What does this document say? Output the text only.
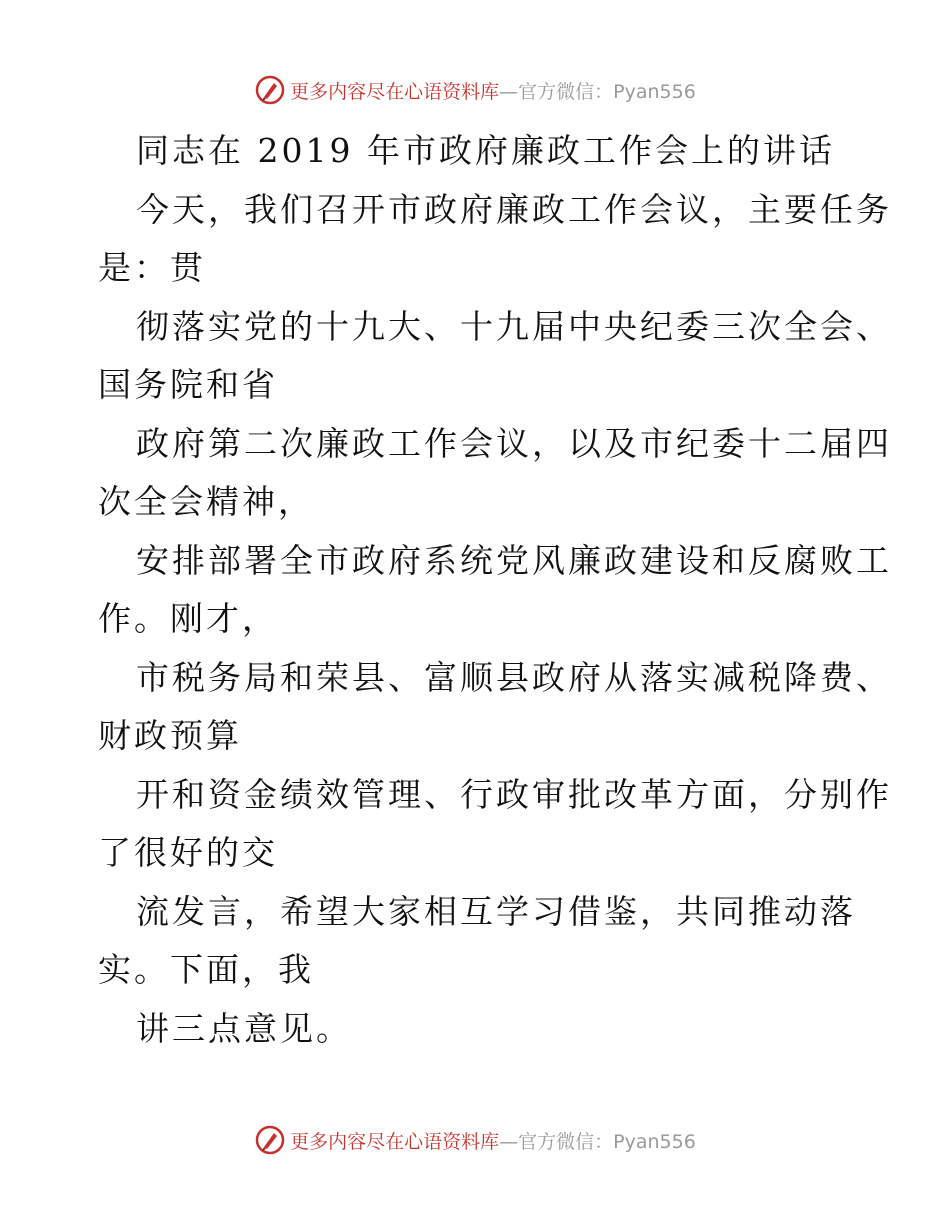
更多内容尽在心语资料库—官方微信：Pyan556
同志在 2019 年市政府廉政工作会上的讲话
今天，我们召开市政府廉政工作会议，主要任务
是：贯
彻落实党的十九大、十九届中央纪委三次全会、
国务院和省
政府第二次廉政工作会议，以及市纪委十二届四
次全会精神，
安排部署全市政府系统党风廉政建设和反腐败工
作。刚才，
市税务局和荣县、富顺县政府从落实减税降费、
财政预算
开和资金绩效管理、行政审批改革方面，分别作
了很好的交
流发言，希望大家相互学习借鉴，共同推动落
实。下面，我
讲三点意见。
更多内容尽在心语资料库—官方微信：Pyan556
